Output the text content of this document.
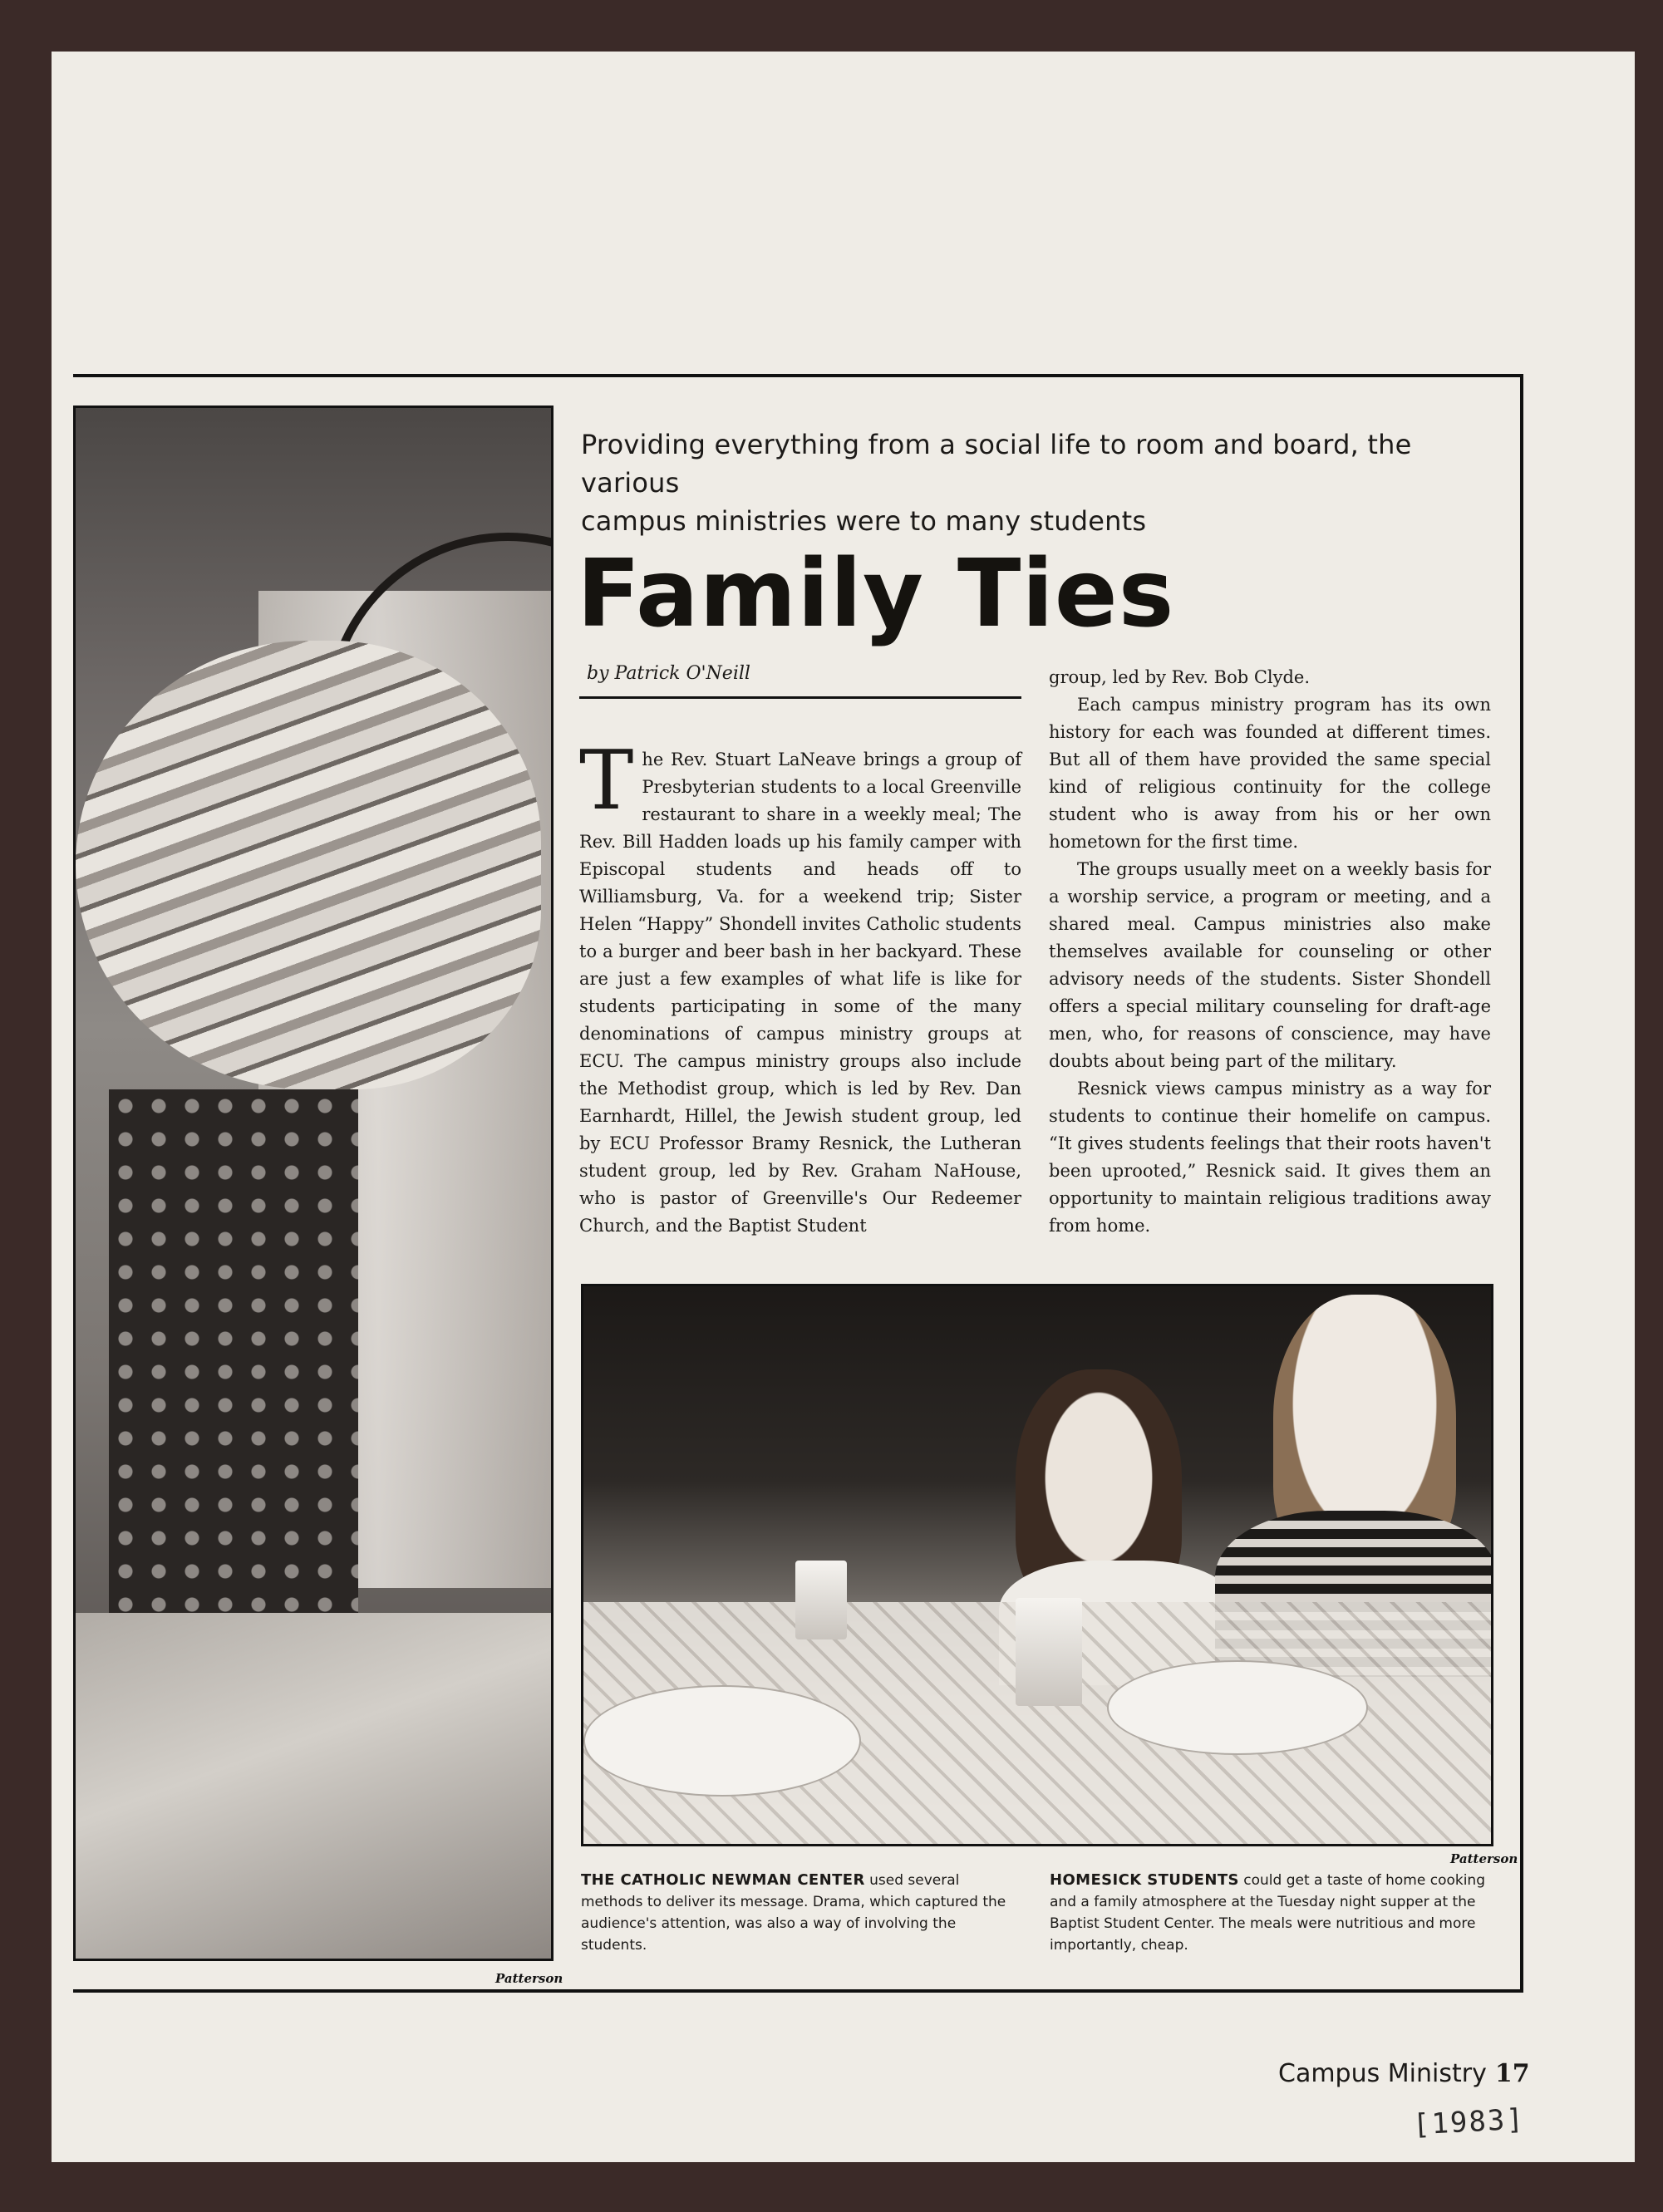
Patterson
Providing everything from a social life to room and board, the various
campus ministries were to many students
Family Ties
by Patrick O'Neill

The Rev. Stuart LaNeave brings a group of Presbyterian students to a local Greenville restaurant to share in a weekly meal; The Rev. Bill Hadden loads up his family camper with Episcopal students and heads off to Williamsburg, Va. for a weekend trip; Sister Helen “Happy” Shondell invites Catholic students to a burger and beer bash in her backyard. These are just a few examples of what life is like for students participating in some of the many denominations of campus ministry groups at ECU. The campus ministry groups also include the Methodist group, which is led by Rev. Dan Earnhardt, Hillel, the Jewish student group, led by ECU Professor Bramy Resnick, the Lutheran student group, led by Rev. Graham NaHouse, who is pastor of Greenville's Our Redeemer Church, and the Baptist Student

group, led by Rev. Bob Clyde.

Each campus ministry program has its own history for each was founded at different times. But all of them have provided the same special kind of religious continuity for the college student who is away from his or her own hometown for the first time.

The groups usually meet on a weekly basis for a worship service, a program or meeting, and a shared meal. Campus ministries also make themselves available for counseling or other advisory needs of the students. Sister Shondell offers a special military counseling for draft-age men, who, for reasons of conscience, may have doubts about being part of the military.

Resnick views campus ministry as a way for students to continue their homelife on campus. “It gives students feelings that their roots haven't been uprooted,” Resnick said. It gives them an opportunity to maintain religious traditions away from home.

Patterson
THE CATHOLIC NEWMAN CENTER used several methods to deliver its message. Drama, which captured the audience's attention, was also a way of involving the students.
HOMESICK STUDENTS could get a taste of home cooking and a family atmosphere at the Tuesday night supper at the Baptist Student Center. The meals were nutritious and more importantly, cheap.
Campus Ministry 17
[1983]
